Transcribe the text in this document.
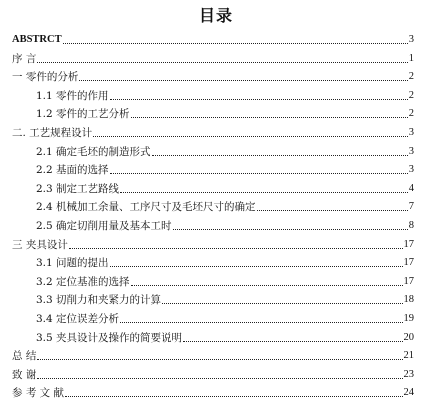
目录
ABSTRCT	3
序 言	1
一 零件的分析	2
1.1 零件的作用	2
1.2 零件的工艺分析	2
二. 工艺规程设计	3
2.1 确定毛坯的制造形式	3
2.2 基面的选择	3
2.3 制定工艺路线	4
2.4 机械加工余量、工序尺寸及毛坯尺寸的确定	7
2.5 确定切削用量及基本工时	8
三 夹具设计	17
3.1 问题的提出	17
3.2 定位基准的选择	17
3.3 切削力和夹紧力的计算	18
3.4 定位误差分析	19
3.5 夹具设计及操作的简要说明	20
总 结	21
致 谢	23
参 考 文 献	24
